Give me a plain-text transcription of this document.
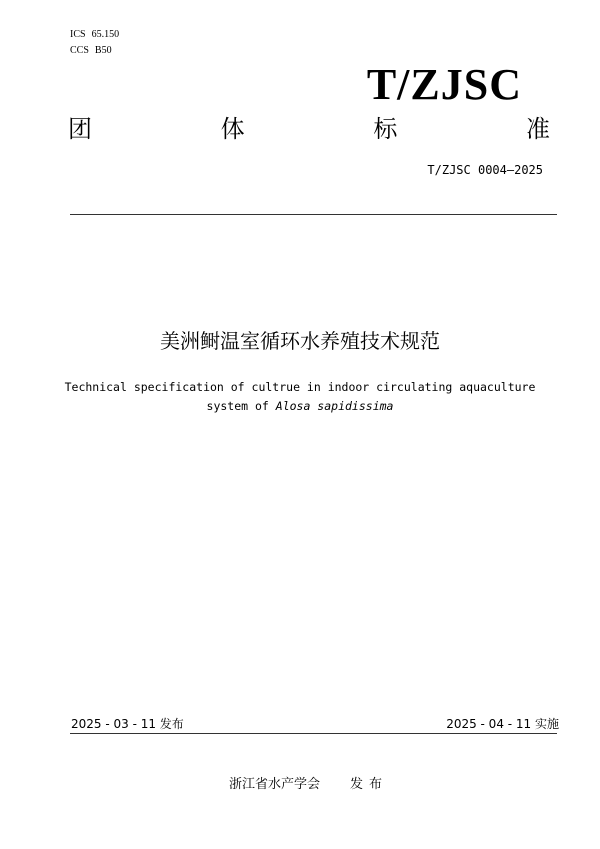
ICS 65.150
CCS B50
T/ZJSC
团	体	标	准
T/ZJSC 0004—2025
美洲鲥温室循环水养殖技术规范
Technical specification of cultrue in indoor circulating aquaculture
system of Alosa sapidissima
2025 - 03 - 11 发布	2025 - 04 - 11 实施
浙江省水产学会 发布
